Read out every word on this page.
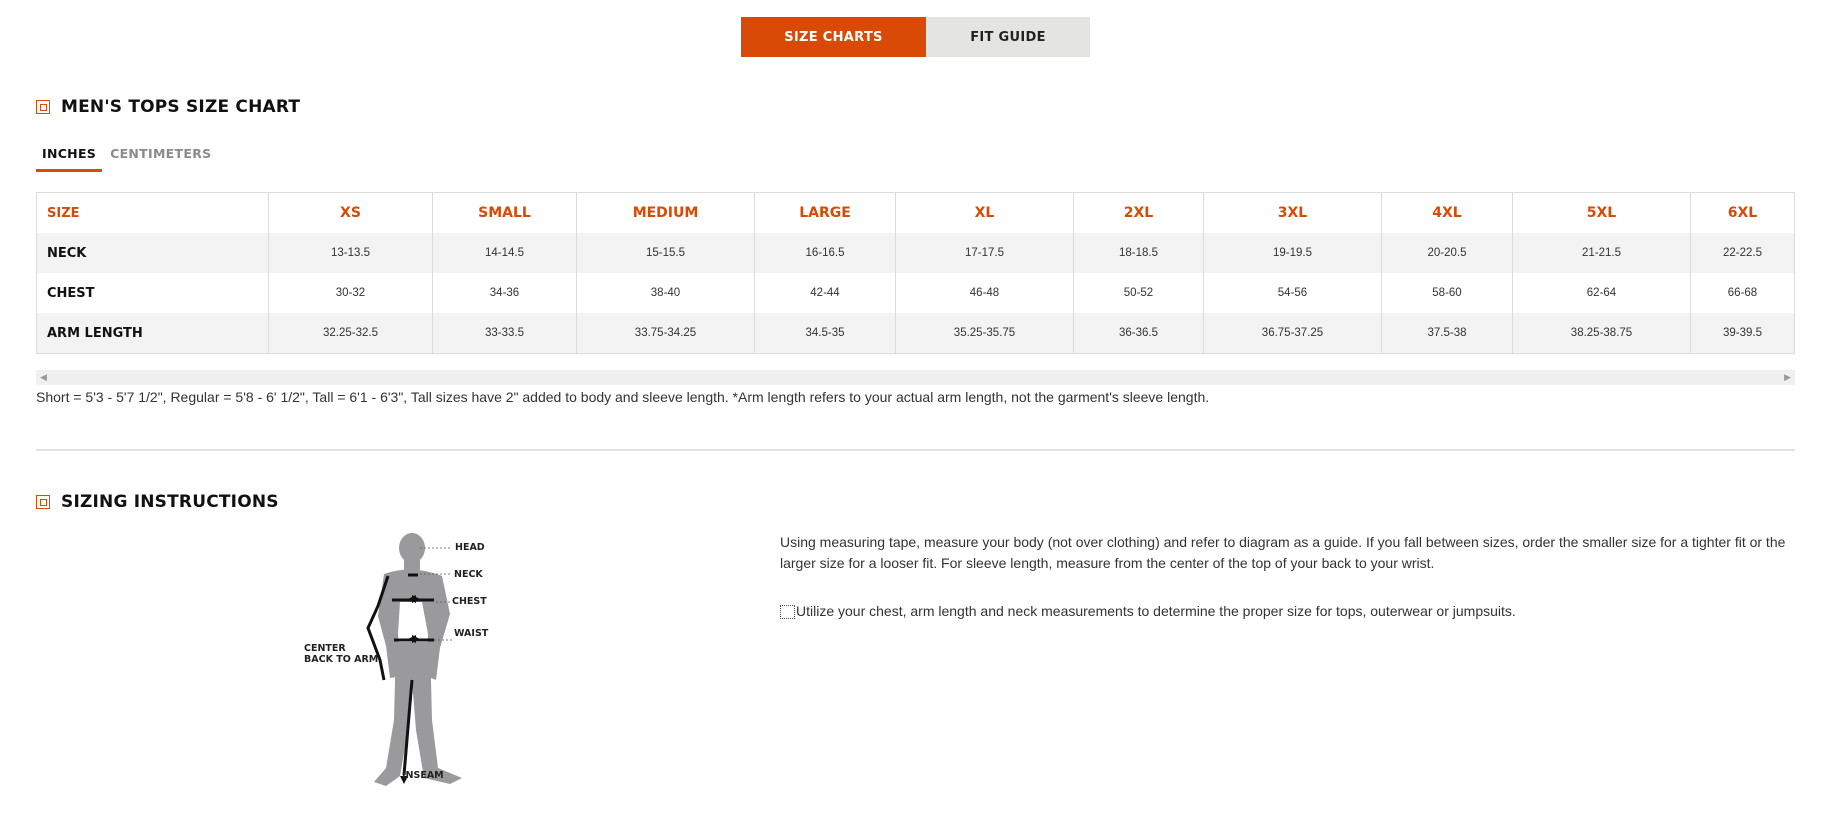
SIZE CHARTS	FIT GUIDE
MEN'S TOPS SIZE CHART
INCHES	CENTIMETERS
SIZE	XS	SMALL	MEDIUM	LARGE	XL	2XL	3XL	4XL	5XL	6XL
NECK	13-13.5	14-14.5	15-15.5	16-16.5	17-17.5	18-18.5	19-19.5	20-20.5	21-21.5	22-22.5
CHEST	30-32	34-36	38-40	42-44	46-48	50-52	54-56	58-60	62-64	66-68
ARM LENGTH	32.25-32.5	33-33.5	33.75-34.25	34.5-35	35.25-35.75	36-36.5	36.75-37.25	37.5-38	38.25-38.75	39-39.5
◀	▶
Short = 5'3 - 5'7 1/2", Regular = 5'8 - 6' 1/2", Tall = 6'1 - 6'3", Tall sizes have 2" added to body and sleeve length. *Arm length refers to your actual arm length, not the garment's sleeve length.
SIZING INSTRUCTIONS
HEAD
NECK
CHEST
WAIST
CENTER
BACK TO ARM
INSEAM
Using measuring tape, measure your body (not over clothing) and refer to diagram as a guide. If you fall between sizes, order the smaller size for a tighter fit or the larger size for a looser fit. For sleeve length, measure from the center of the top of your back to your wrist.
Utilize your chest, arm length and neck measurements to determine the proper size for tops, outerwear or jumpsuits.
